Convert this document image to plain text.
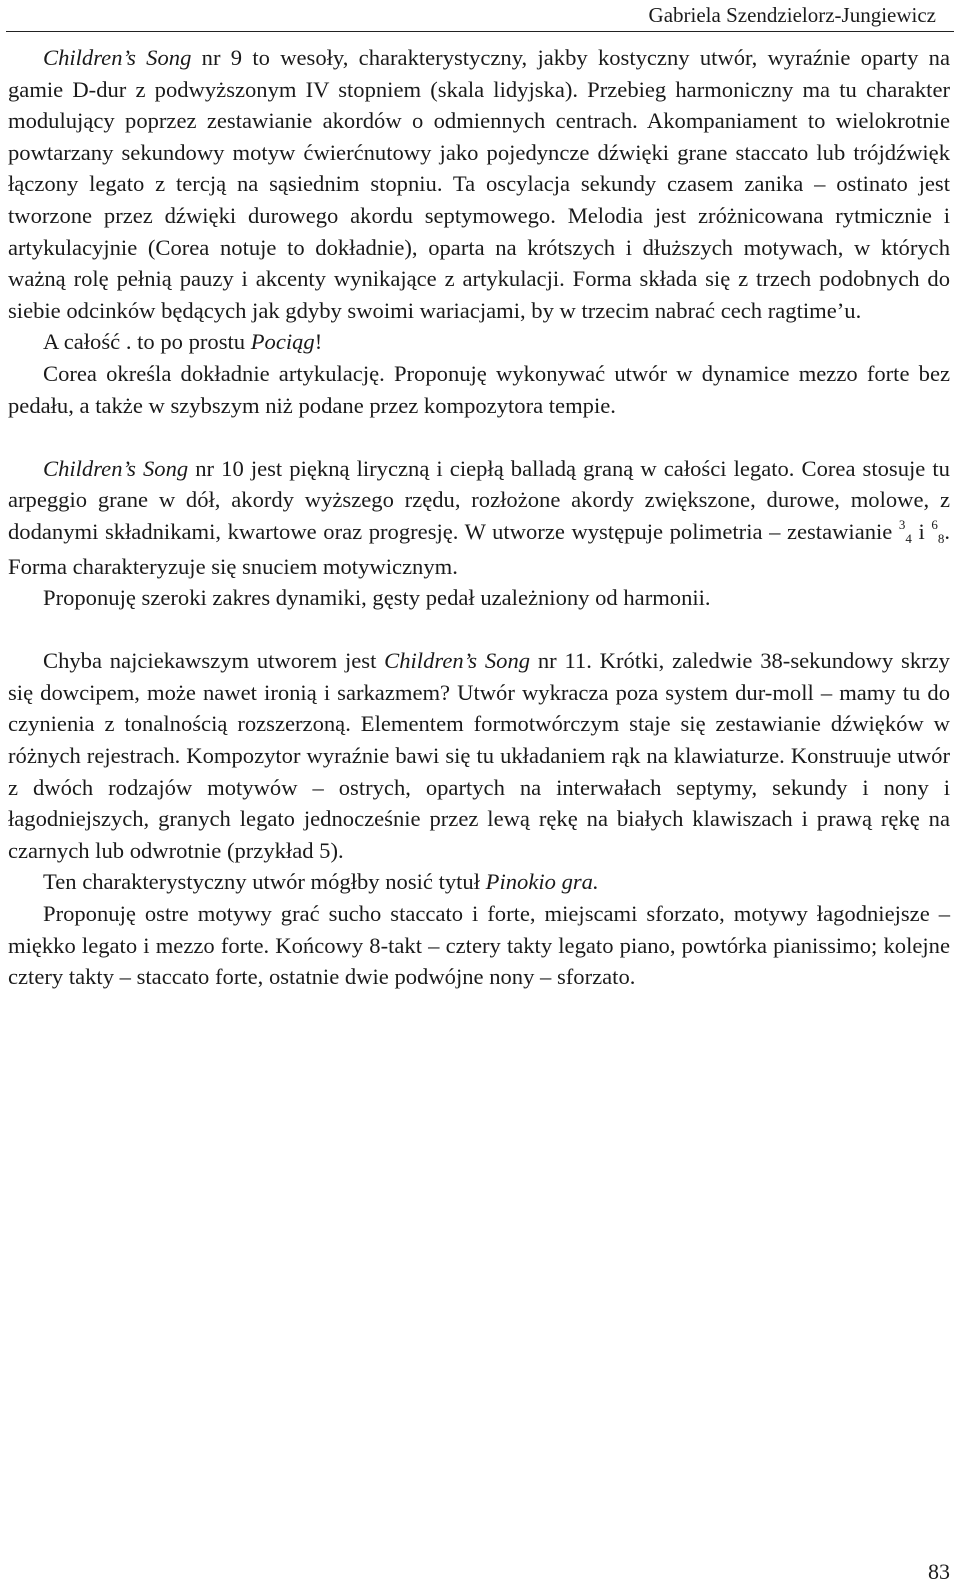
Gabriela Szendzielorz-Jungiewicz

Children’s Song nr 9 to wesoły, charakterystyczny, jakby kostyczny utwór, wyraźnie oparty na gamie D-dur z podwyższonym IV stopniem (skala lidyjska). Przebieg harmoniczny ma tu charakter modulujący poprzez zestawianie akordów o odmiennych centrach. Akompaniament to wielokrotnie powtarzany sekundowy motyw ćwierćnutowy jako pojedyncze dźwięki grane staccato lub trójdźwięk łączony legato z tercją na sąsiednim stopniu. Ta oscylacja sekundy czasem zanika – ostinato jest tworzone przez dźwięki durowego akordu septymowego. Melodia jest zróżnicowana rytmicznie i artykulacyjnie (Corea notuje to dokładnie), oparta na krótszych i dłuższych motywach, w których ważną rolę pełnią pauzy i akcenty wynikające z artykulacji. Forma składa się z trzech podobnych do siebie odcinków będących jak gdyby swoimi wariacjami, by w trzecim nabrać cech ragtime’u.

A całość . to po prostu Pociąg!

Corea określa dokładnie artykulację. Proponuję wykonywać utwór w dynamice mezzo forte bez pedału, a także w szybszym niż podane przez kompozytora tempie.

Children’s Song nr 10 jest piękną liryczną i ciepłą balladą graną w całości legato. Corea stosuje tu arpeggio grane w dół, akordy wyższego rzędu, rozłożone akordy zwiększone, durowe, molowe, z dodanymi składnikami, kwartowe oraz progresję. W utworze występuje polimetria – zestawianie $^3$4 i $^6$8. Forma charakteryzuje się snuciem motywicznym.

Proponuję szeroki zakres dynamiki, gęsty pedał uzależniony od harmonii.

Chyba najciekawszym utworem jest Children’s Song nr 11. Krótki, zaledwie 38-sekundowy skrzy się dowcipem, może nawet ironią i sarkazmem? Utwór wykracza poza system dur-moll – mamy tu do czynienia z tonalnością rozszerzoną. Elementem formotwórczym staje się zestawianie dźwięków w różnych rejestrach. Kompozytor wyraźnie bawi się tu układaniem rąk na klawiaturze. Konstruuje utwór z dwóch rodzajów motywów – ostrych, opartych na interwałach septymy, sekundy i nony i łagodniejszych, granych legato jednocześnie przez lewą rękę na białych klawiszach i prawą rękę na czarnych lub odwrotnie (przykład 5).

Ten charakterystyczny utwór mógłby nosić tytuł Pinokio gra.

Proponuję ostre motywy grać sucho staccato i forte, miejscami sforzato, motywy łagodniejsze – miękko legato i mezzo forte. Końcowy 8-takt – cztery takty legato piano, powtórka pianissimo; kolejne cztery takty – staccato forte, ostatnie dwie podwójne nony – sforzato.

83
